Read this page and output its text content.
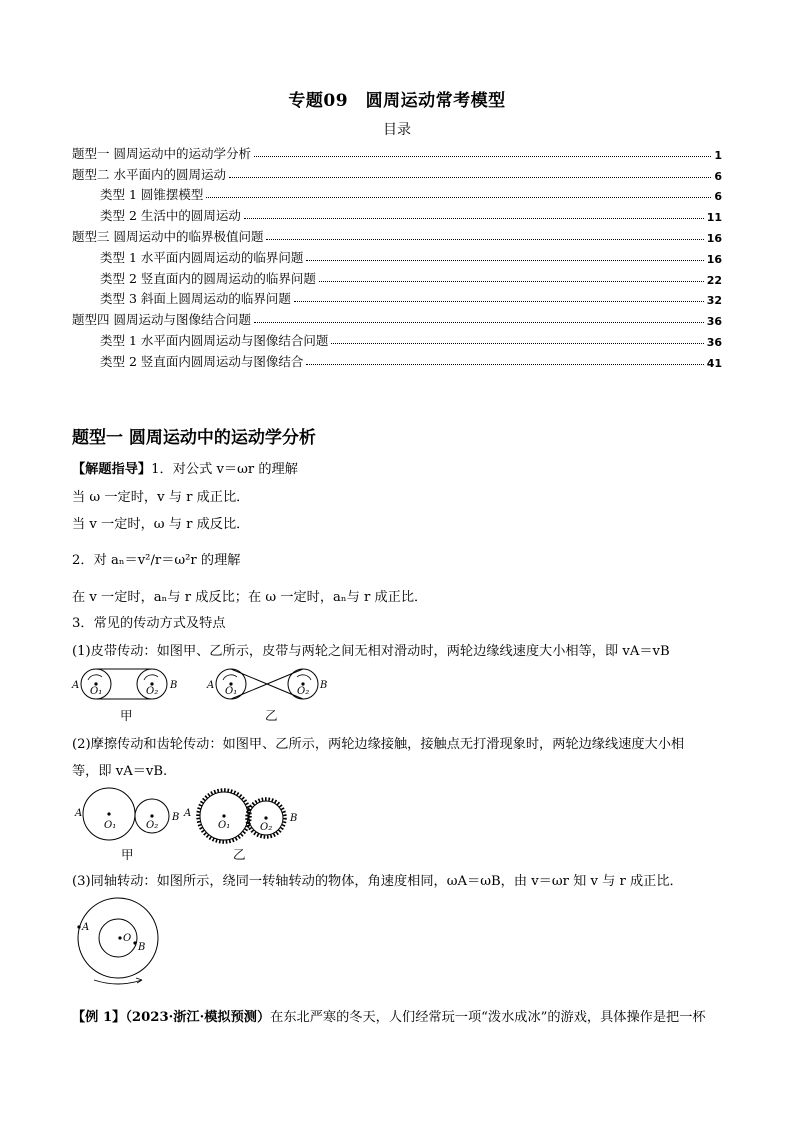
专题09　圆周运动常考模型
目录
题型一 圆周运动中的运动学分析	1
题型二 水平面内的圆周运动	6
类型 1 圆锥摆模型	6
类型 2 生活中的圆周运动	11
题型三 圆周运动中的临界极值问题	16
类型 1 水平面内圆周运动的临界问题	16
类型 2 竖直面内的圆周运动的临界问题	22
类型 3 斜面上圆周运动的临界问题	32
题型四 圆周运动与图像结合问题	36
类型 1 水平面内圆周运动与图像结合问题	36
类型 2 竖直面内圆周运动与图像结合	41
题型一 圆周运动中的运动学分析
【解题指导】1．对公式 v＝ωr 的理解
当 ω 一定时，v 与 r 成正比．
当 v 一定时，ω 与 r 成反比．
2．对 aₙ＝v²/r＝ω²r 的理解
在 v 一定时，aₙ与 r 成反比；在 ω 一定时，aₙ与 r 成正比．
3．常见的传动方式及特点
(1)皮带传动：如图甲、乙所示，皮带与两轮之间无相对滑动时，两轮边缘线速度大小相等，即 vA＝vB
A	B
O₁	O₂
甲
A	B
O₁	O₂
乙
(2)摩擦传动和齿轮传动：如图甲、乙所示，两轮边缘接触，接触点无打滑现象时，两轮边缘线速度大小相
等，即 vA＝vB.
A	B
O₁	O₂
甲
A	B
O₁	O₂
乙
(3)同轴转动：如图所示，绕同一转轴转动的物体，角速度相同，ωA＝ωB，由 v＝ωr 知 v 与 r 成正比．
A
O
B
【例 1】（2023·浙江·模拟预测）在东北严寒的冬天，人们经常玩一项“泼水成冰”的游戏，具体操作是把一杯
